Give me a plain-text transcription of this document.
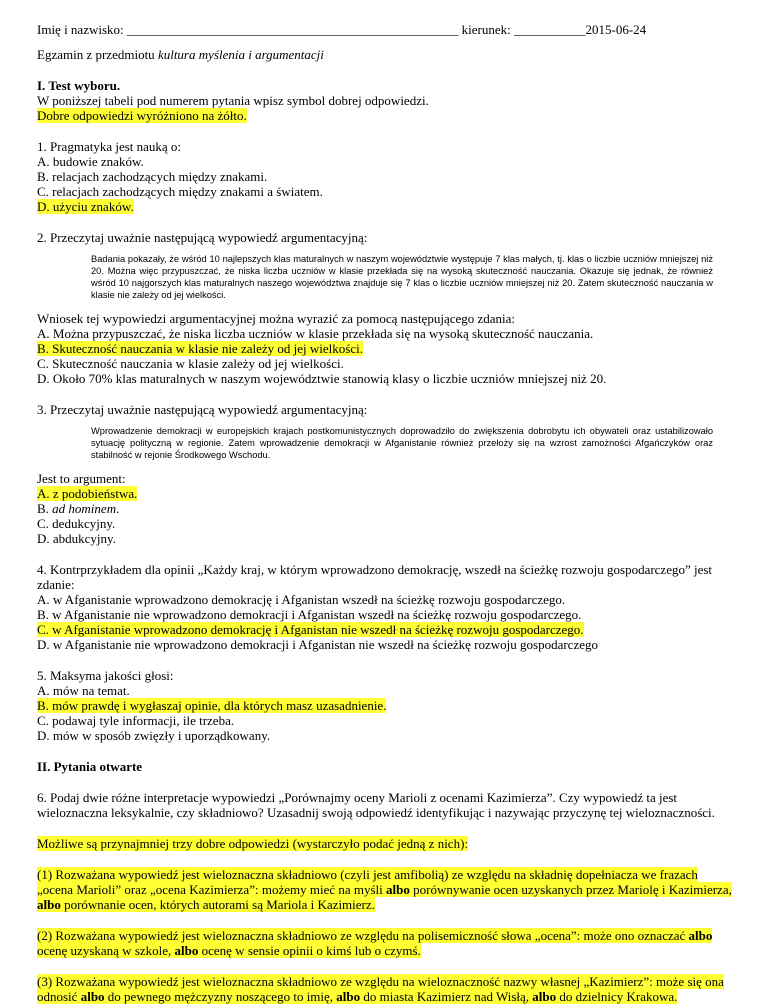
Imię i nazwisko: ___________________________________________________ kierunek: ___________2015-06-24

Egzamin z przedmiotu kultura myślenia i argumentacji

I. Test wyboru.

W poniższej tabeli pod numerem pytania wpisz symbol dobrej odpowiedzi.

Dobre odpowiedzi wyróżniono na żółto.

1. Pragmatyka jest nauką o:

A. budowie znaków.

B. relacjach zachodzących między znakami.

C. relacjach zachodzących między znakami a światem.

D. użyciu znaków.

2. Przeczytaj uważnie następującą wypowiedź argumentacyjną:

Badania pokazały, że wśród 10 najlepszych klas maturalnych w naszym województwie występuje 7 klas małych, tj. klas o liczbie uczniów mniejszej niż 20. Można więc przypuszczać, że niska liczba uczniów w klasie przekłada się na wysoką skuteczność nauczania. Okazuje się jednak, że również wśród 10 najgorszych klas maturalnych naszego województwa znajduje się 7 klas o liczbie uczniów mniejszej niż 20. Zatem skuteczność nauczania w klasie nie zależy od jej wielkości.

Wniosek tej wypowiedzi argumentacyjnej można wyrazić za pomocą następującego zdania:

A. Można przypuszczać, że niska liczba uczniów w klasie przekłada się na wysoką skuteczność nauczania.

B. Skuteczność nauczania w klasie nie zależy od jej wielkości.

C. Skuteczność nauczania w klasie zależy od jej wielkości.

D. Około 70% klas maturalnych w naszym województwie stanowią klasy o liczbie uczniów mniejszej niż 20.

3. Przeczytaj uważnie następującą wypowiedź argumentacyjną:

Wprowadzenie demokracji w europejskich krajach postkomunistycznych doprowadziło do zwiększenia dobrobytu ich obywateli oraz ustabilizowało sytuację polityczną w regionie. Zatem wprowadzenie demokracji w Afganistanie również przełoży się na wzrost zamożności Afgańczyków oraz stabilność w rejonie Środkowego Wschodu.

Jest to argument:

A. z podobieństwa.

B. ad hominem.

C. dedukcyjny.

D. abdukcyjny.

4. Kontrprzykładem dla opinii „Każdy kraj, w którym wprowadzono demokrację, wszedł na ścieżkę rozwoju gospodarczego” jest zdanie:

A. w Afganistanie wprowadzono demokrację i Afganistan wszedł na ścieżkę rozwoju gospodarczego.

B. w Afganistanie nie wprowadzono demokracji i Afganistan wszedł na ścieżkę rozwoju gospodarczego.

C. w Afganistanie wprowadzono demokrację i Afganistan nie wszedł na ścieżkę rozwoju gospodarczego.

D. w Afganistanie nie wprowadzono demokracji i Afganistan nie wszedł na ścieżkę rozwoju gospodarczego

5. Maksyma jakości głosi:

A. mów na temat.

B. mów prawdę i wygłaszaj opinie, dla których masz uzasadnienie.

C. podawaj tyle informacji, ile trzeba.

D. mów w sposób zwięzły i uporządkowany.

II. Pytania otwarte

6. Podaj dwie różne interpretacje wypowiedzi „Porównajmy oceny Marioli z ocenami Kazimierza”. Czy wypowiedź ta jest wieloznaczna leksykalnie, czy składniowo? Uzasadnij swoją odpowiedź identyfikując i nazywając przyczynę tej wieloznaczności.

Możliwe są przynajmniej trzy dobre odpowiedzi (wystarczyło podać jedną z nich):

(1) Rozważana wypowiedź jest wieloznaczna składniowo (czyli jest amfibolią) ze względu na składnię dopełniacza we frazach „ocena Marioli” oraz „ocena Kazimierza”: możemy mieć na myśli albo porównywanie ocen uzyskanych przez Mariolę i Kazimierza, albo porównanie ocen, których autorami są Mariola i Kazimierz.

(2) Rozważana wypowiedź jest wieloznaczna składniowo ze względu na polisemiczność słowa „ocena”: może ono oznaczać albo ocenę uzyskaną w szkole, albo ocenę w sensie opinii o kimś lub o czymś.

(3) Rozważana wypowiedź jest wieloznaczna składniowo ze względu na wieloznaczność nazwy własnej „Kazimierz”: może się ona odnosić albo do pewnego mężczyzny noszącego to imię, albo do miasta Kazimierz nad Wisłą, albo do dzielnicy Krakowa.
